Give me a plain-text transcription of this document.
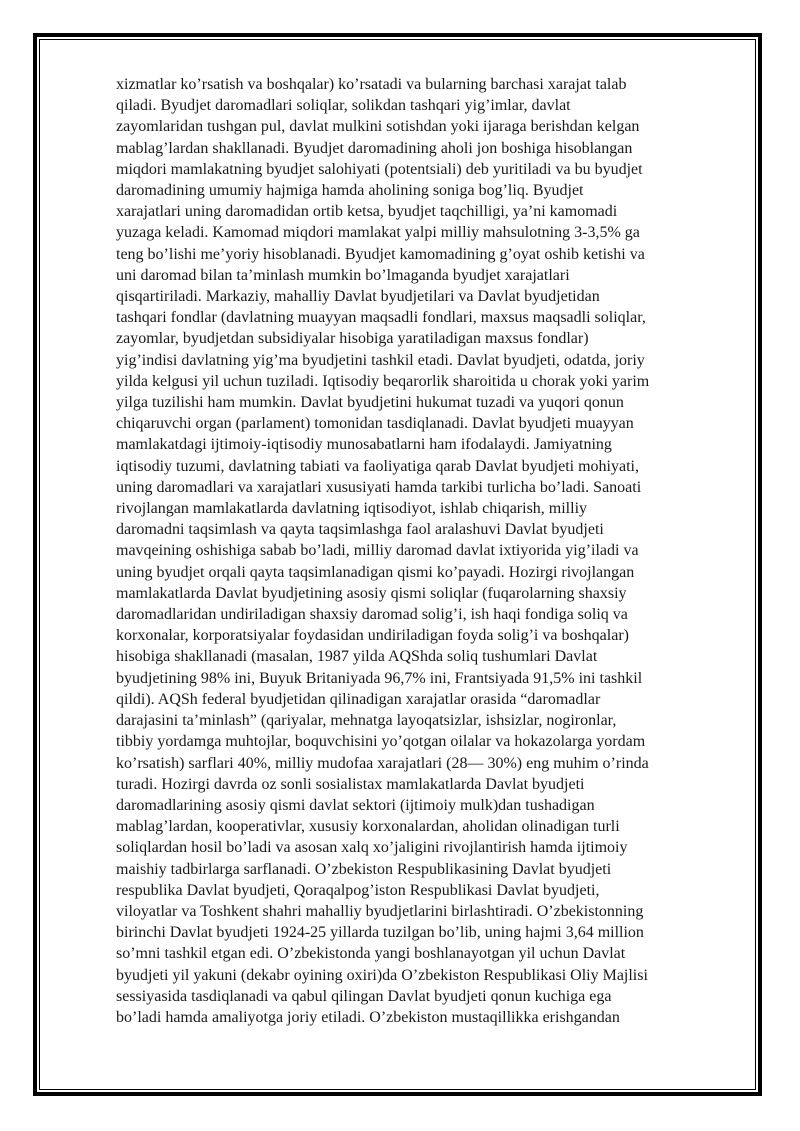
xizmatlar ko’rsatish va boshqalar) ko’rsatadi va bularning barchasi xarajat talab
qiladi. Byudjet daromadlari soliqlar, solikdan tashqari yig’imlar, davlat
zayomlaridan tushgan pul, davlat mulkini sotishdan yoki ijaraga berishdan kelgan
mablag’lardan shakllanadi. Byudjet daromadining aholi jon boshiga hisoblangan
miqdori mamlakatning byudjet salohiyati (potentsiali) deb yuritiladi va bu byudjet
daromadining umumiy hajmiga hamda aholining soniga bog’liq. Byudjet
xarajatlari uning daromadidan ortib ketsa, byudjet taqchilligi, ya’ni kamomadi
yuzaga keladi. Kamomad miqdori mamlakat yalpi milliy mahsulotning 3-3,5% ga
teng bo’lishi me’yoriy hisoblanadi. Byudjet kamomadining g’oyat oshib ketishi va
uni daromad bilan ta’minlash mumkin bo’lmaganda byudjet xarajatlari
qisqartiriladi. Markaziy, mahalliy Davlat byudjetilari va Davlat byudjetidan
tashqari fondlar (davlatning muayyan maqsadli fondlari, maxsus maqsadli soliqlar,
zayomlar, byudjetdan subsidiyalar hisobiga yaratiladigan maxsus fondlar)
yig’indisi davlatning yig’ma byudjetini tashkil etadi. Davlat byudjeti, odatda, joriy
yilda kelgusi yil uchun tuziladi. Iqtisodiy beqarorlik sharoitida u chorak yoki yarim
yilga tuzilishi ham mumkin. Davlat byudjetini hukumat tuzadi va yuqori qonun
chiqaruvchi organ (parlament) tomonidan tasdiqlanadi. Davlat byudjeti muayyan
mamlakatdagi ijtimoiy-iqtisodiy munosabatlarni ham ifodalaydi. Jamiyatning
iqtisodiy tuzumi, davlatning tabiati va faoliyatiga qarab Davlat byudjeti mohiyati,
uning daromadlari va xarajatlari xususiyati hamda tarkibi turlicha bo’ladi. Sanoati
rivojlangan mamlakatlarda davlatning iqtisodiyot, ishlab chiqarish, milliy
daromadni taqsimlash va qayta taqsimlashga faol aralashuvi Davlat byudjeti
mavqeining oshishiga sabab bo’ladi, milliy daromad davlat ixtiyorida yig’iladi va
uning byudjet orqali qayta taqsimlanadigan qismi ko’payadi. Hozirgi rivojlangan
mamlakatlarda Davlat byudjetining asosiy qismi soliqlar (fuqarolarning shaxsiy
daromadlaridan undiriladigan shaxsiy daromad solig’i, ish haqi fondiga soliq va
korxonalar, korporatsiyalar foydasidan undiriladigan foyda solig’i va boshqalar)
hisobiga shakllanadi (masalan, 1987 yilda AQShda soliq tushumlari Davlat
byudjetining 98% ini, Buyuk Britaniyada 96,7% ini, Frantsiyada 91,5% ini tashkil
qildi). AQSh federal byudjetidan qilinadigan xarajatlar orasida “daromadlar
darajasini ta’minlash” (qariyalar, mehnatga layoqatsizlar, ishsizlar, nogironlar,
tibbiy yordamga muhtojlar, boquvchisini yo’qotgan oilalar va hokazolarga yordam
ko’rsatish) sarflari 40%, milliy mudofaa xarajatlari (28— 30%) eng muhim o’rinda
turadi. Hozirgi davrda oz sonli sosialistax mamlakatlarda Davlat byudjeti
daromadlarining asosiy qismi davlat sektori (ijtimoiy mulk)dan tushadigan
mablag’lardan, kooperativlar, xususiy korxonalardan, aholidan olinadigan turli
soliqlardan hosil bo’ladi va asosan xalq xo’jaligini rivojlantirish hamda ijtimoiy
maishiy tadbirlarga sarflanadi. O’zbekiston Respublikasining Davlat byudjeti
respublika Davlat byudjeti, Qoraqalpog’iston Respublikasi Davlat byudjeti,
viloyatlar va Toshkent shahri mahalliy byudjetlarini birlashtiradi. O’zbekistonning
birinchi Davlat byudjeti 1924-25 yillarda tuzilgan bo’lib, uning hajmi 3,64 million
so’mni tashkil etgan edi. O’zbekistonda yangi boshlanayotgan yil uchun Davlat
byudjeti yil yakuni (dekabr oyining oxiri)da O’zbekiston Respublikasi Oliy Majlisi
sessiyasida tasdiqlanadi va qabul qilingan Davlat byudjeti qonun kuchiga ega
bo’ladi hamda amaliyotga joriy etiladi. O’zbekiston mustaqillikka erishgandan
